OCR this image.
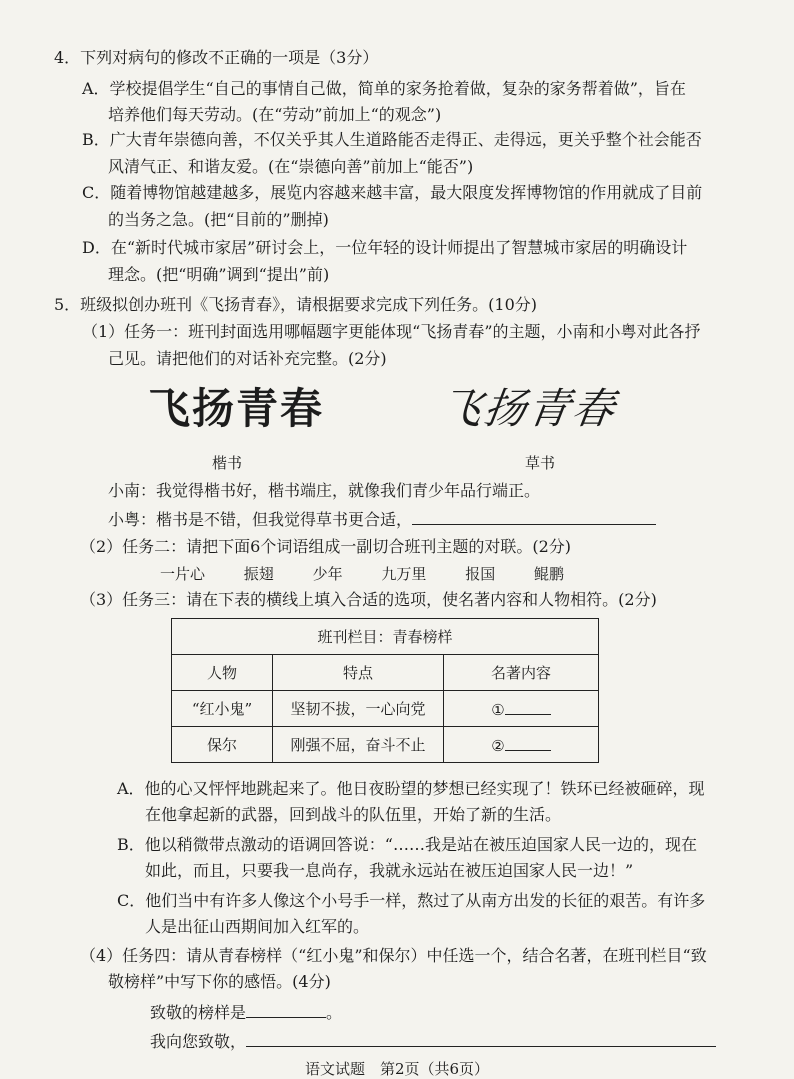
4．下列对病句的修改不正确的一项是（3分）
A．学校提倡学生“自己的事情自己做，简单的家务抢着做，复杂的家务帮着做”，旨在
培养他们每天劳动。(在“劳动”前加上“的观念”)
B．广大青年崇德向善，不仅关乎其人生道路能否走得正、走得远，更关乎整个社会能否
风清气正、和谐友爱。(在“崇德向善”前加上“能否”)
C．随着博物馆越建越多，展览内容越来越丰富，最大限度发挥博物馆的作用就成了目前
的当务之急。(把“目前的”删掉)
D．在“新时代城市家居”研讨会上，一位年轻的设计师提出了智慧城市家居的明确设计
理念。(把“明确”调到“提出”前)
5．班级拟创办班刊《飞扬青春》，请根据要求完成下列任务。(10分)
（1）任务一：班刊封面选用哪幅题字更能体现“飞扬青春”的主题，小南和小粤对此各抒
己见。请把他们的对话补充完整。(2分)
飞扬青春	飞扬青春
楷书	草书
小南：我觉得楷书好，楷书端庄，就像我们青少年品行端正。
小粤：楷书是不错，但我觉得草书更合适，
（2）任务二：请把下面6个词语组成一副切合班刊主题的对联。(2分)
一片心	振翅	少年	九万里	报国	鲲鹏
（3）任务三：请在下表的横线上填入合适的选项，使名著内容和人物相符。(2分)
班刊栏目：青春榜样		
人物	特点	名著内容
“红小鬼”	坚韧不拔，一心向党	①
保尔	刚强不屈，奋斗不止	②
A．他的心又怦怦地跳起来了。他日夜盼望的梦想已经实现了！铁环已经被砸碎，现
在他拿起新的武器，回到战斗的队伍里，开始了新的生活。
B．他以稍微带点激动的语调回答说：“……我是站在被压迫国家人民一边的，现在
如此，而且，只要我一息尚存，我就永远站在被压迫国家人民一边！”
C．他们当中有许多人像这个小号手一样，熬过了从南方出发的长征的艰苦。有许多
人是出征山西期间加入红军的。
（4）任务四：请从青春榜样（“红小鬼”和保尔）中任选一个，结合名著，在班刊栏目“致
敬榜样”中写下你的感悟。(4分)
致敬的榜样是	。
我向您致敬，
语文试题　第2页（共6页）
